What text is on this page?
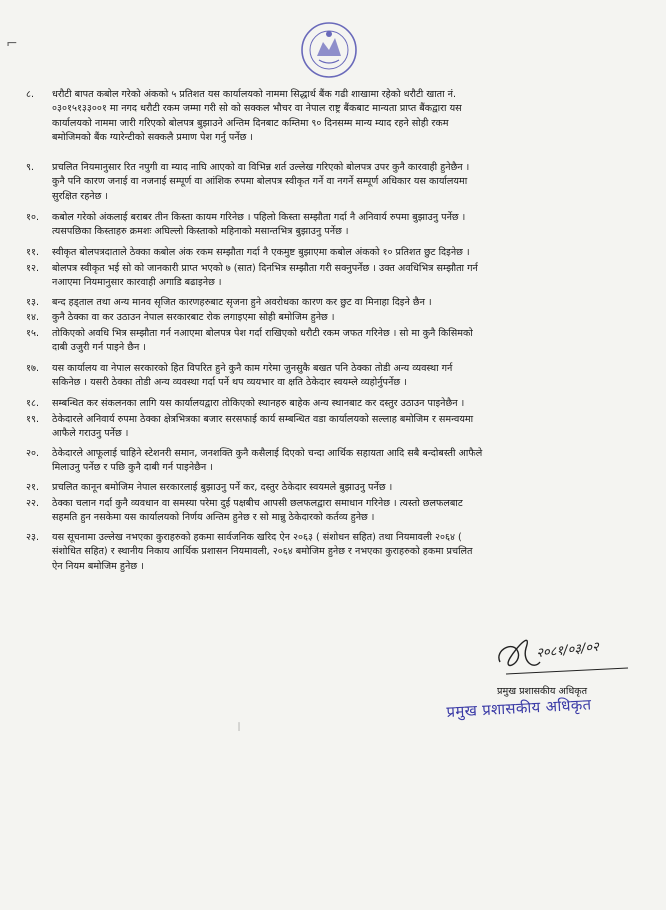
⌐
८.	धरौटी बापत कबोल गरेको अंकको ५ प्रतिशत यस कार्यालयको नाममा सिद्धार्थ बैंक गढी शाखामा रहेको धरौटी खाता नं.
०३०१५१३३००१ मा नगद धरौटी रकम जम्मा गरी सो को सक्कल भौचर वा नेपाल राष्ट्र बैंकबाट मान्यता प्राप्त बैंकद्वारा यस
कार्यालयको नाममा जारी गरिएको बोलपत्र बुझाउने अन्तिम दिनबाट कम्तिमा ९० दिनसम्म मान्य म्याद रहने सोही रकम
बमोजिमको बैंक ग्यारेन्टीको सक्कलै प्रमाण पेश गर्नु पर्नेछ ।
९.	प्रचलित नियमानुसार रित नपुगी वा म्याद नाघि आएको वा विभिन्न शर्त उल्लेख गरिएको बोलपत्र उपर कुनै कारवाही हुनेछैन ।
कुनै पनि कारण जनाई वा नजनाई सम्पूर्ण वा आंशिक रुपमा बोलपत्र स्वीकृत गर्ने वा नगर्ने सम्पूर्ण अधिकार यस कार्यालयमा
सुरक्षित रहनेछ ।
१०.	कबोल गरेको अंकलाई बराबर तीन किस्ता कायम गरिनेछ । पहिलो किस्ता सम्झौता गर्दा नै अनिवार्य रुपमा बुझाउनु पर्नेछ ।
त्यसपछिका किस्ताहरु क्रमशः अघिल्लो किस्ताको महिनाको मसान्तभित्र बुझाउनु पर्नेछ ।
११.	स्वीकृत बोलपत्रदाताले ठेक्का कबोल अंक रकम सम्झौता गर्दा नै एकमुष्ट बुझाएमा कबोल अंकको १० प्रतिशत छुट दिइनेछ ।
१२.	बोलपत्र स्वीकृत भई सो को जानकारी प्राप्त भएको ७ (सात) दिनभित्र सम्झौता गरी सक्नुपर्नेछ । उक्त अवधिभित्र सम्झौता गर्न
नआएमा नियमानुसार कारवाही अगाडि बढाइनेछ ।
१३.	बन्द हड्ताल तथा अन्य मानव सृजित कारणहरुबाट सृजना हुने अवरोधका कारण कर छुट वा मिनाहा दिइने छैन ।
१४.	कुनै ठेक्का वा कर उठाउन नेपाल सरकारबाट रोक लगाइएमा सोही बमोजिम हुनेछ ।
१५.	तोकिएको अवधि भित्र सम्झौता गर्न नआएमा बोलपत्र पेश गर्दा राखिएको धरौटी रकम जफत गरिनेछ । सो मा कुनै किसिमको
दाबी उजुरी गर्न पाइने छैन ।
१७.	यस कार्यालय वा नेपाल सरकारको हित विपरित हुने कुनै काम गरेमा जुनसुकै बखत पनि ठेक्का तोडी अन्य व्यवस्था गर्न
सकिनेछ । यसरी ठेक्का तोडी अन्य व्यवस्था गर्दा पर्ने थप व्ययभार वा क्षति ठेकेदार स्वयम्ले व्यहोर्नुपर्नेछ ।
१८.	सम्बन्धित कर संकलनका लागि यस कार्यालयद्वारा तोकिएको स्थानहरु बाहेक अन्य स्थानबाट कर दस्तुर उठाउन पाइनेछैन ।
१९.	ठेकेदारले अनिवार्य रुपमा ठेक्का क्षेत्रभित्रका बजार सरसफाई कार्य सम्बन्धित वडा कार्यालयको सल्लाह बमोजिम र समन्वयमा
आफैले गराउनु पर्नेछ ।
२०.	ठेकेदारले आफूलाई चाहिने स्टेशनरी समान, जनशक्ति कुनै कसैलाई दिएको चन्दा आर्थिक सहायता आदि सबै बन्दोबस्ती आफैले
मिलाउनु पर्नेछ र पछि कुनै दाबी गर्न पाइनेछैन ।
२१.	प्रचलित कानून बमोजिम नेपाल सरकारलाई बुझाउनु पर्ने कर, दस्तुर ठेकेदार स्वयमले बुझाउनु पर्नेछ ।
२२.	ठेक्का चलान गर्दा कुनै व्यवधान वा समस्या परेमा दुई पक्षबीच आपसी छलफलद्वारा समाधान गरिनेछ । त्यस्तो छलफलबाट
सहमति हुन नसकेमा यस कार्यालयको निर्णय अन्तिम हुनेछ र सो मान्नु ठेकेदारको कर्तव्य हुनेछ ।
२३.	यस सूचनामा उल्लेख नभएका कुराहरुको हकमा सार्वजनिक खरिद ऐन २०६३ ( संशोधन सहित) तथा नियमावली २०६४ (
संशोधित सहित) र स्थानीय निकाय आर्थिक प्रशासन नियमावली, २०६४ बमोजिम हुनेछ र नभएका कुराहरुको हकमा प्रचलित
ऐन नियम बमोजिम हुनेछ ।
२०८१/०३/०२
प्रमुख प्रशासकीय अधिकृत
प्रमुख प्रशासकीय अधिकृत
ᛁ
